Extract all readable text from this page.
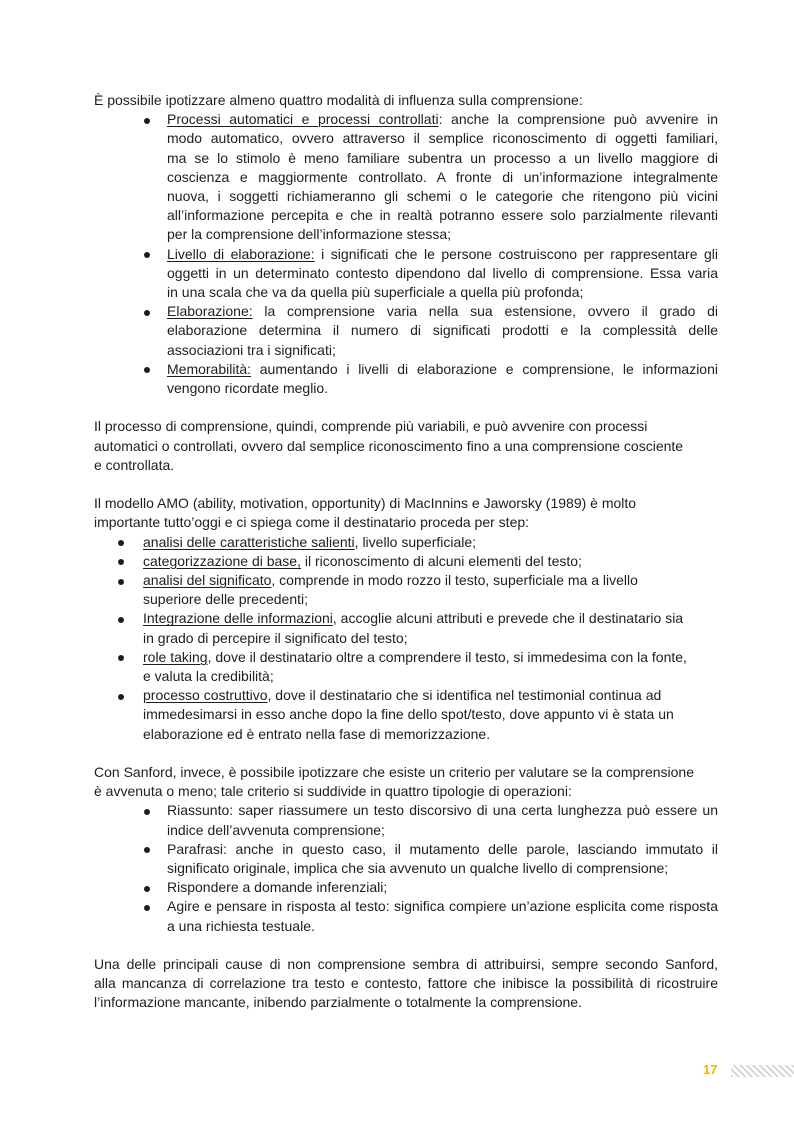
È possibile ipotizzare almeno quattro modalità di influenza sulla comprensione:

Processi automatici e processi controllati: anche la comprensione può avvenire in
modo automatico, ovvero attraverso il semplice riconoscimento di oggetti familiari,
ma se lo stimolo è meno familiare subentra un processo a un livello maggiore di
coscienza e maggiormente controllato. A fronte di un’informazione integralmente
nuova, i soggetti richiameranno gli schemi o le categorie che ritengono più vicini
all’informazione percepita e che in realtà potranno essere solo parzialmente rilevanti
per la comprensione dell’informazione stessa;
Livello di elaborazione: i significati che le persone costruiscono per rappresentare gli
oggetti in un determinato contesto dipendono dal livello di comprensione. Essa varia
in una scala che va da quella più superficiale a quella più profonda;
Elaborazione: la comprensione varia nella sua estensione, ovvero il grado di
elaborazione determina il numero di significati prodotti e la complessità delle
associazioni tra i significati;
Memorabilità: aumentando i livelli di elaborazione e comprensione, le informazioni
vengono ricordate meglio.

Il processo di comprensione, quindi, comprende più variabili, e può avvenire con processi
automatici o controllati, ovvero dal semplice riconoscimento fino a una comprensione cosciente
e controllata.

Il modello AMO (ability, motivation, opportunity) di MacInnins e Jaworsky (1989) è molto
importante tutto’oggi e ci spiega come il destinatario proceda per step:

analisi delle caratteristiche salienti, livello superficiale;
categorizzazione di base, il riconoscimento di alcuni elementi del testo;
analisi del significato, comprende in modo rozzo il testo, superficiale ma a livello
superiore delle precedenti;
Integrazione delle informazioni, accoglie alcuni attributi e prevede che il destinatario sia
in grado di percepire il significato del testo;
role taking, dove il destinatario oltre a comprendere il testo, si immedesima con la fonte,
e valuta la credibilità;
processo costruttivo, dove il destinatario che si identifica nel testimonial continua ad
immedesimarsi in esso anche dopo la fine dello spot/testo, dove appunto vi è stata un
elaborazione ed è entrato nella fase di memorizzazione.

Con Sanford, invece, è possibile ipotizzare che esiste un criterio per valutare se la comprensione
è avvenuta o meno; tale criterio si suddivide in quattro tipologie di operazioni:

Riassunto: saper riassumere un testo discorsivo di una certa lunghezza può essere un
indice dell’avvenuta comprensione;
Parafrasi: anche in questo caso, il mutamento delle parole, lasciando immutato il
significato originale, implica che sia avvenuto un qualche livello di comprensione;
Rispondere a domande inferenziali;
Agire e pensare in risposta al testo: significa compiere un’azione esplicita come risposta
a una richiesta testuale.

Una delle principali cause di non comprensione sembra di attribuirsi, sempre secondo Sanford,
alla mancanza di correlazione tra testo e contesto, fattore che inibisce la possibilità di ricostruire
l’informazione mancante, inibendo parzialmente o totalmente la comprensione.

17
